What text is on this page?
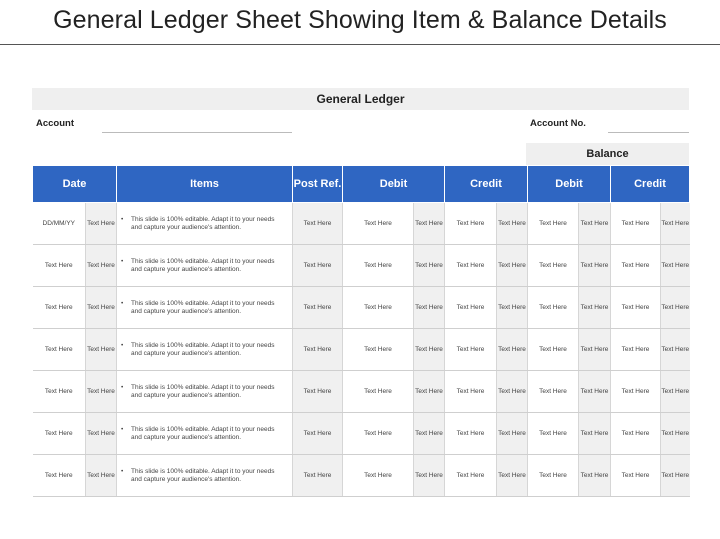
General Ledger Sheet Showing Item & Balance Details
General Ledger
Account	Account No.
Balance
Date		Items	Post Ref.	Debit		Credit		Debit		Credit	
DD/MM/YY	Text Here	• This slide is 100% editable. Adapt it to your needs and capture your audience's attention.	Text Here	Text Here	Text Here	Text Here	Text Here	Text Here	Text Here	Text Here	Text Here
Text Here	Text Here	• This slide is 100% editable. Adapt it to your needs and capture your audience's attention.	Text Here	Text Here	Text Here	Text Here	Text Here	Text Here	Text Here	Text Here	Text Here
Text Here	Text Here	• This slide is 100% editable. Adapt it to your needs and capture your audience's attention.	Text Here	Text Here	Text Here	Text Here	Text Here	Text Here	Text Here	Text Here	Text Here
Text Here	Text Here	• This slide is 100% editable. Adapt it to your needs and capture your audience's attention.	Text Here	Text Here	Text Here	Text Here	Text Here	Text Here	Text Here	Text Here	Text Here
Text Here	Text Here	• This slide is 100% editable. Adapt it to your needs and capture your audience's attention.	Text Here	Text Here	Text Here	Text Here	Text Here	Text Here	Text Here	Text Here	Text Here
Text Here	Text Here	• This slide is 100% editable. Adapt it to your needs and capture your audience's attention.	Text Here	Text Here	Text Here	Text Here	Text Here	Text Here	Text Here	Text Here	Text Here
Text Here	Text Here	• This slide is 100% editable. Adapt it to your needs and capture your audience's attention.	Text Here	Text Here	Text Here	Text Here	Text Here	Text Here	Text Here	Text Here	Text Here
